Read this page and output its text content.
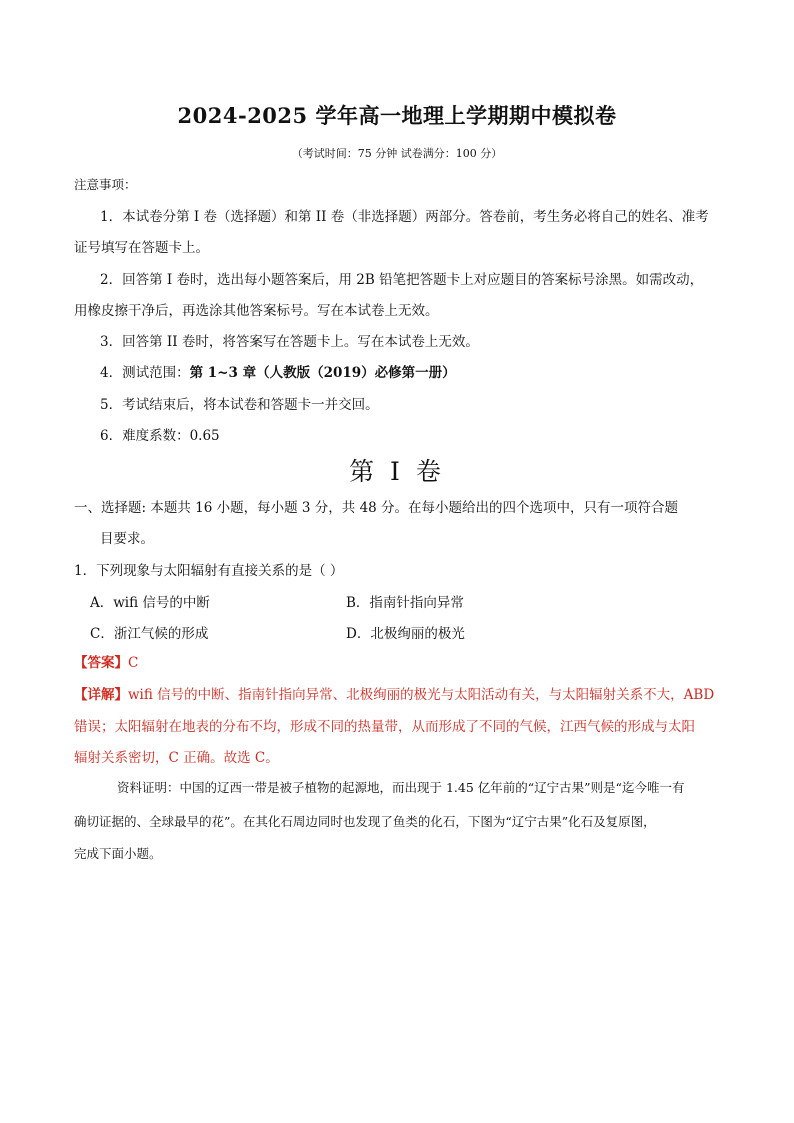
2024-2025 学年高一地理上学期期中模拟卷
（考试时间：75 分钟 试卷满分：100 分）
注意事项：
1．本试卷分第 I 卷（选择题）和第 II 卷（非选择题）两部分。答卷前，考生务必将自己的姓名、准考
证号填写在答题卡上。
2．回答第 I 卷时，选出每小题答案后，用 2B 铅笔把答题卡上对应题目的答案标号涂黑。如需改动，
用橡皮擦干净后，再选涂其他答案标号。写在本试卷上无效。
3．回答第 II 卷时，将答案写在答题卡上。写在本试卷上无效。
4．测试范围：第 1~3 章（人教版（2019）必修第一册）
5．考试结束后，将本试卷和答题卡一并交回。
6．难度系数：0.65
第 I 卷
一、选择题: 本题共 16 小题，每小题 3 分，共 48 分。在每小题给出的四个选项中，只有一项符合题
目要求。
1．下列现象与太阳辐射有直接关系的是（ ）
A．wifi 信号的中断	B．指南针指向异常
C．浙江气候的形成	D．北极绚丽的极光
【答案】C
【详解】wifi 信号的中断、指南针指向异常、北极绚丽的极光与太阳活动有关，与太阳辐射关系不大，ABD
错误；太阳辐射在地表的分布不均，形成不同的热量带，从而形成了不同的气候，江西气候的形成与太阳
辐射关系密切，C 正确。故选 C。
资料证明：中国的辽西一带是被子植物的起源地，而出现于 1.45 亿年前的“辽宁古果”则是“迄今唯一有
确切证据的、全球最早的花”。在其化石周边同时也发现了鱼类的化石，下图为“辽宁古果”化石及复原图，
完成下面小题。
